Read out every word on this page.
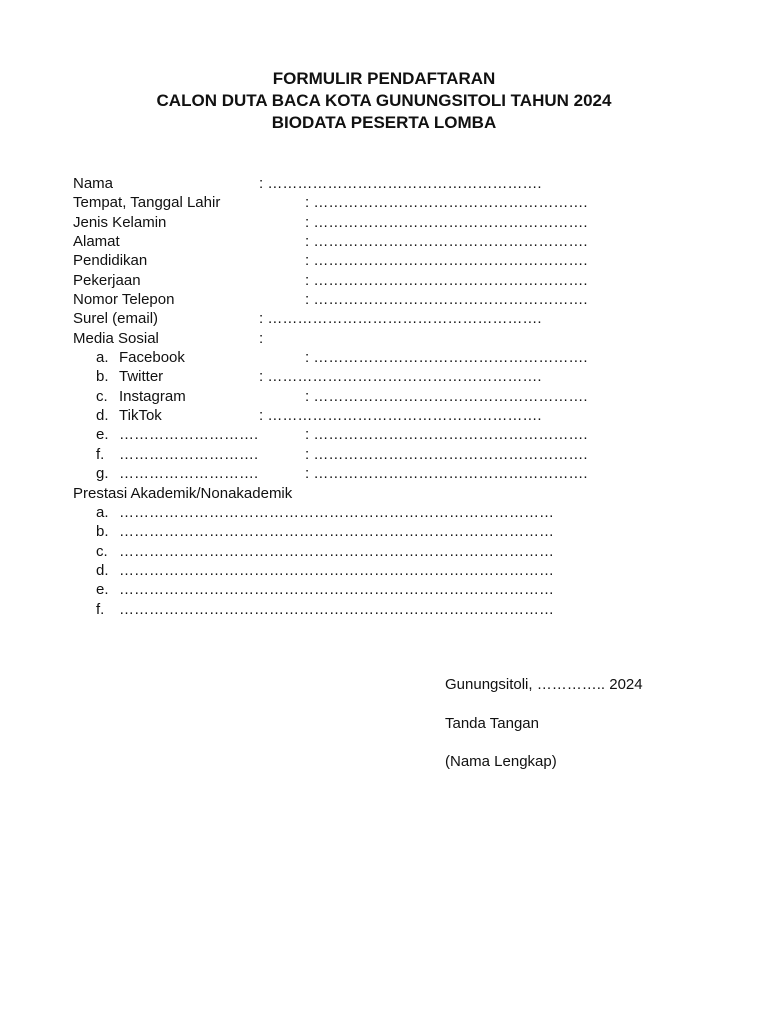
FORMULIR PENDAFTARAN
CALON DUTA BACA KOTA GUNUNGSITOLI TAHUN 2024
BIODATA PESERTA LOMBA
Nama	: ……………………………………………….
Tempat, Tanggal Lahir	: ……………………………………………….
Jenis Kelamin	: ……………………………………………….
Alamat	: ……………………………………………….
Pendidikan	: ……………………………………………….
Pekerjaan	: ……………………………………………….
Nomor Telepon	: ……………………………………………….
Surel (email)	: ……………………………………………….
Media Sosial	:
a. Facebook	: ……………………………………………….
b. Twitter	: ……………………………………………….
c. Instagram	: ……………………………………………….
d. TikTok	: ……………………………………………….
e. ……………………….	: ……………………………………………….
f. ……………………….	: ……………………………………………….
g. ……………………….	: ……………………………………………….
Prestasi Akademik/Nonakademik
a. ……………………………………………………………………………
b. ……………………………………………………………………………
c. ……………………………………………………………………………
d. ……………………………………………………………………………
e. ……………………………………………………………………………
f. ……………………………………………………………………………
Gunungsitoli, ………….. 2024
Tanda Tangan
(Nama Lengkap)
